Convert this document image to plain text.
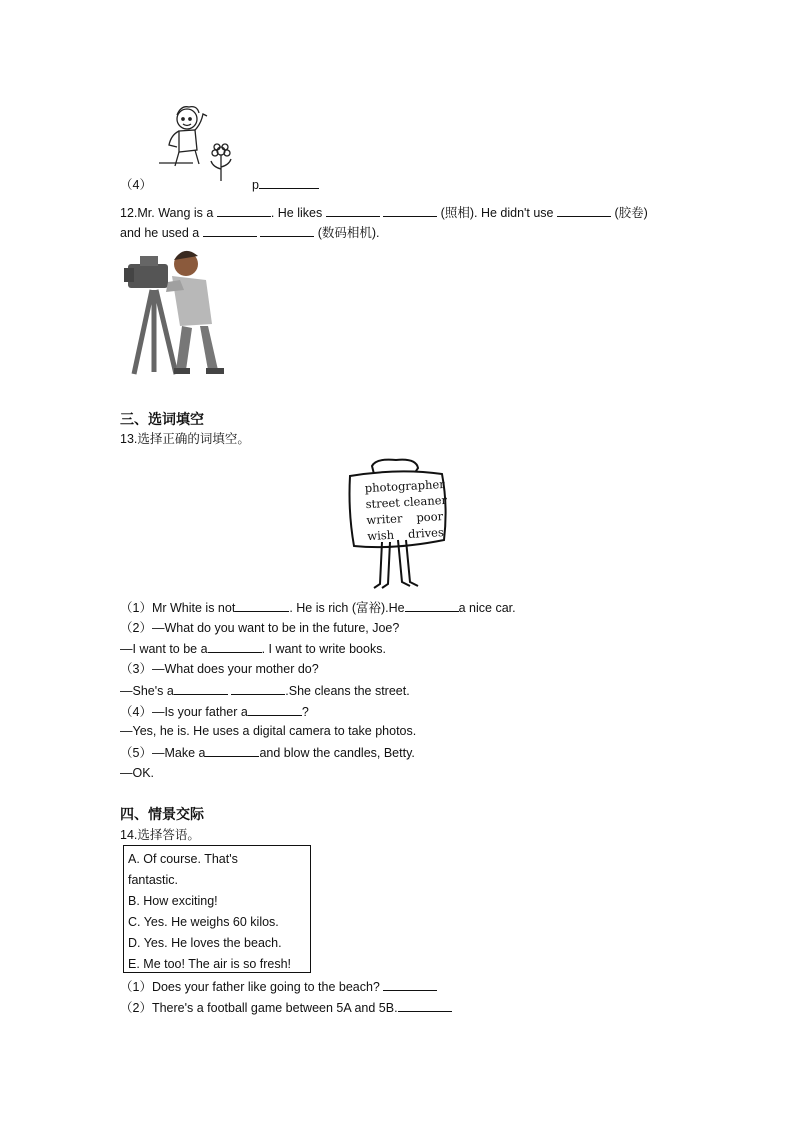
（4）	p
12.Mr. Wang is a	. He likes	(照相). He didn't use	(胶卷)
and he used a	(数码相机).
三、选词填空
13.选择正确的词填空。
photographer
street cleaner
writer poor
wish drives
（1）Mr White is not	. He is rich (富裕).He	a nice car.
（2）—What do you want to be in the future, Joe?
—I want to be a	. I want to write books.
（3）—What does your mother do?
—She's a	.She cleans the street.
（4）—Is your father a	?
—Yes, he is. He uses a digital camera to take photos.
（5）—Make a	and blow the candles, Betty.
—OK.
四、情景交际
14.选择答语。
A. Of course. That's
fantastic.
B. How exciting!
C. Yes. He weighs 60 kilos.
D. Yes. He loves the beach.
E. Me too! The air is so fresh!
（1）Does your father like going to the beach?
（2）There's a football game between 5A and 5B.
